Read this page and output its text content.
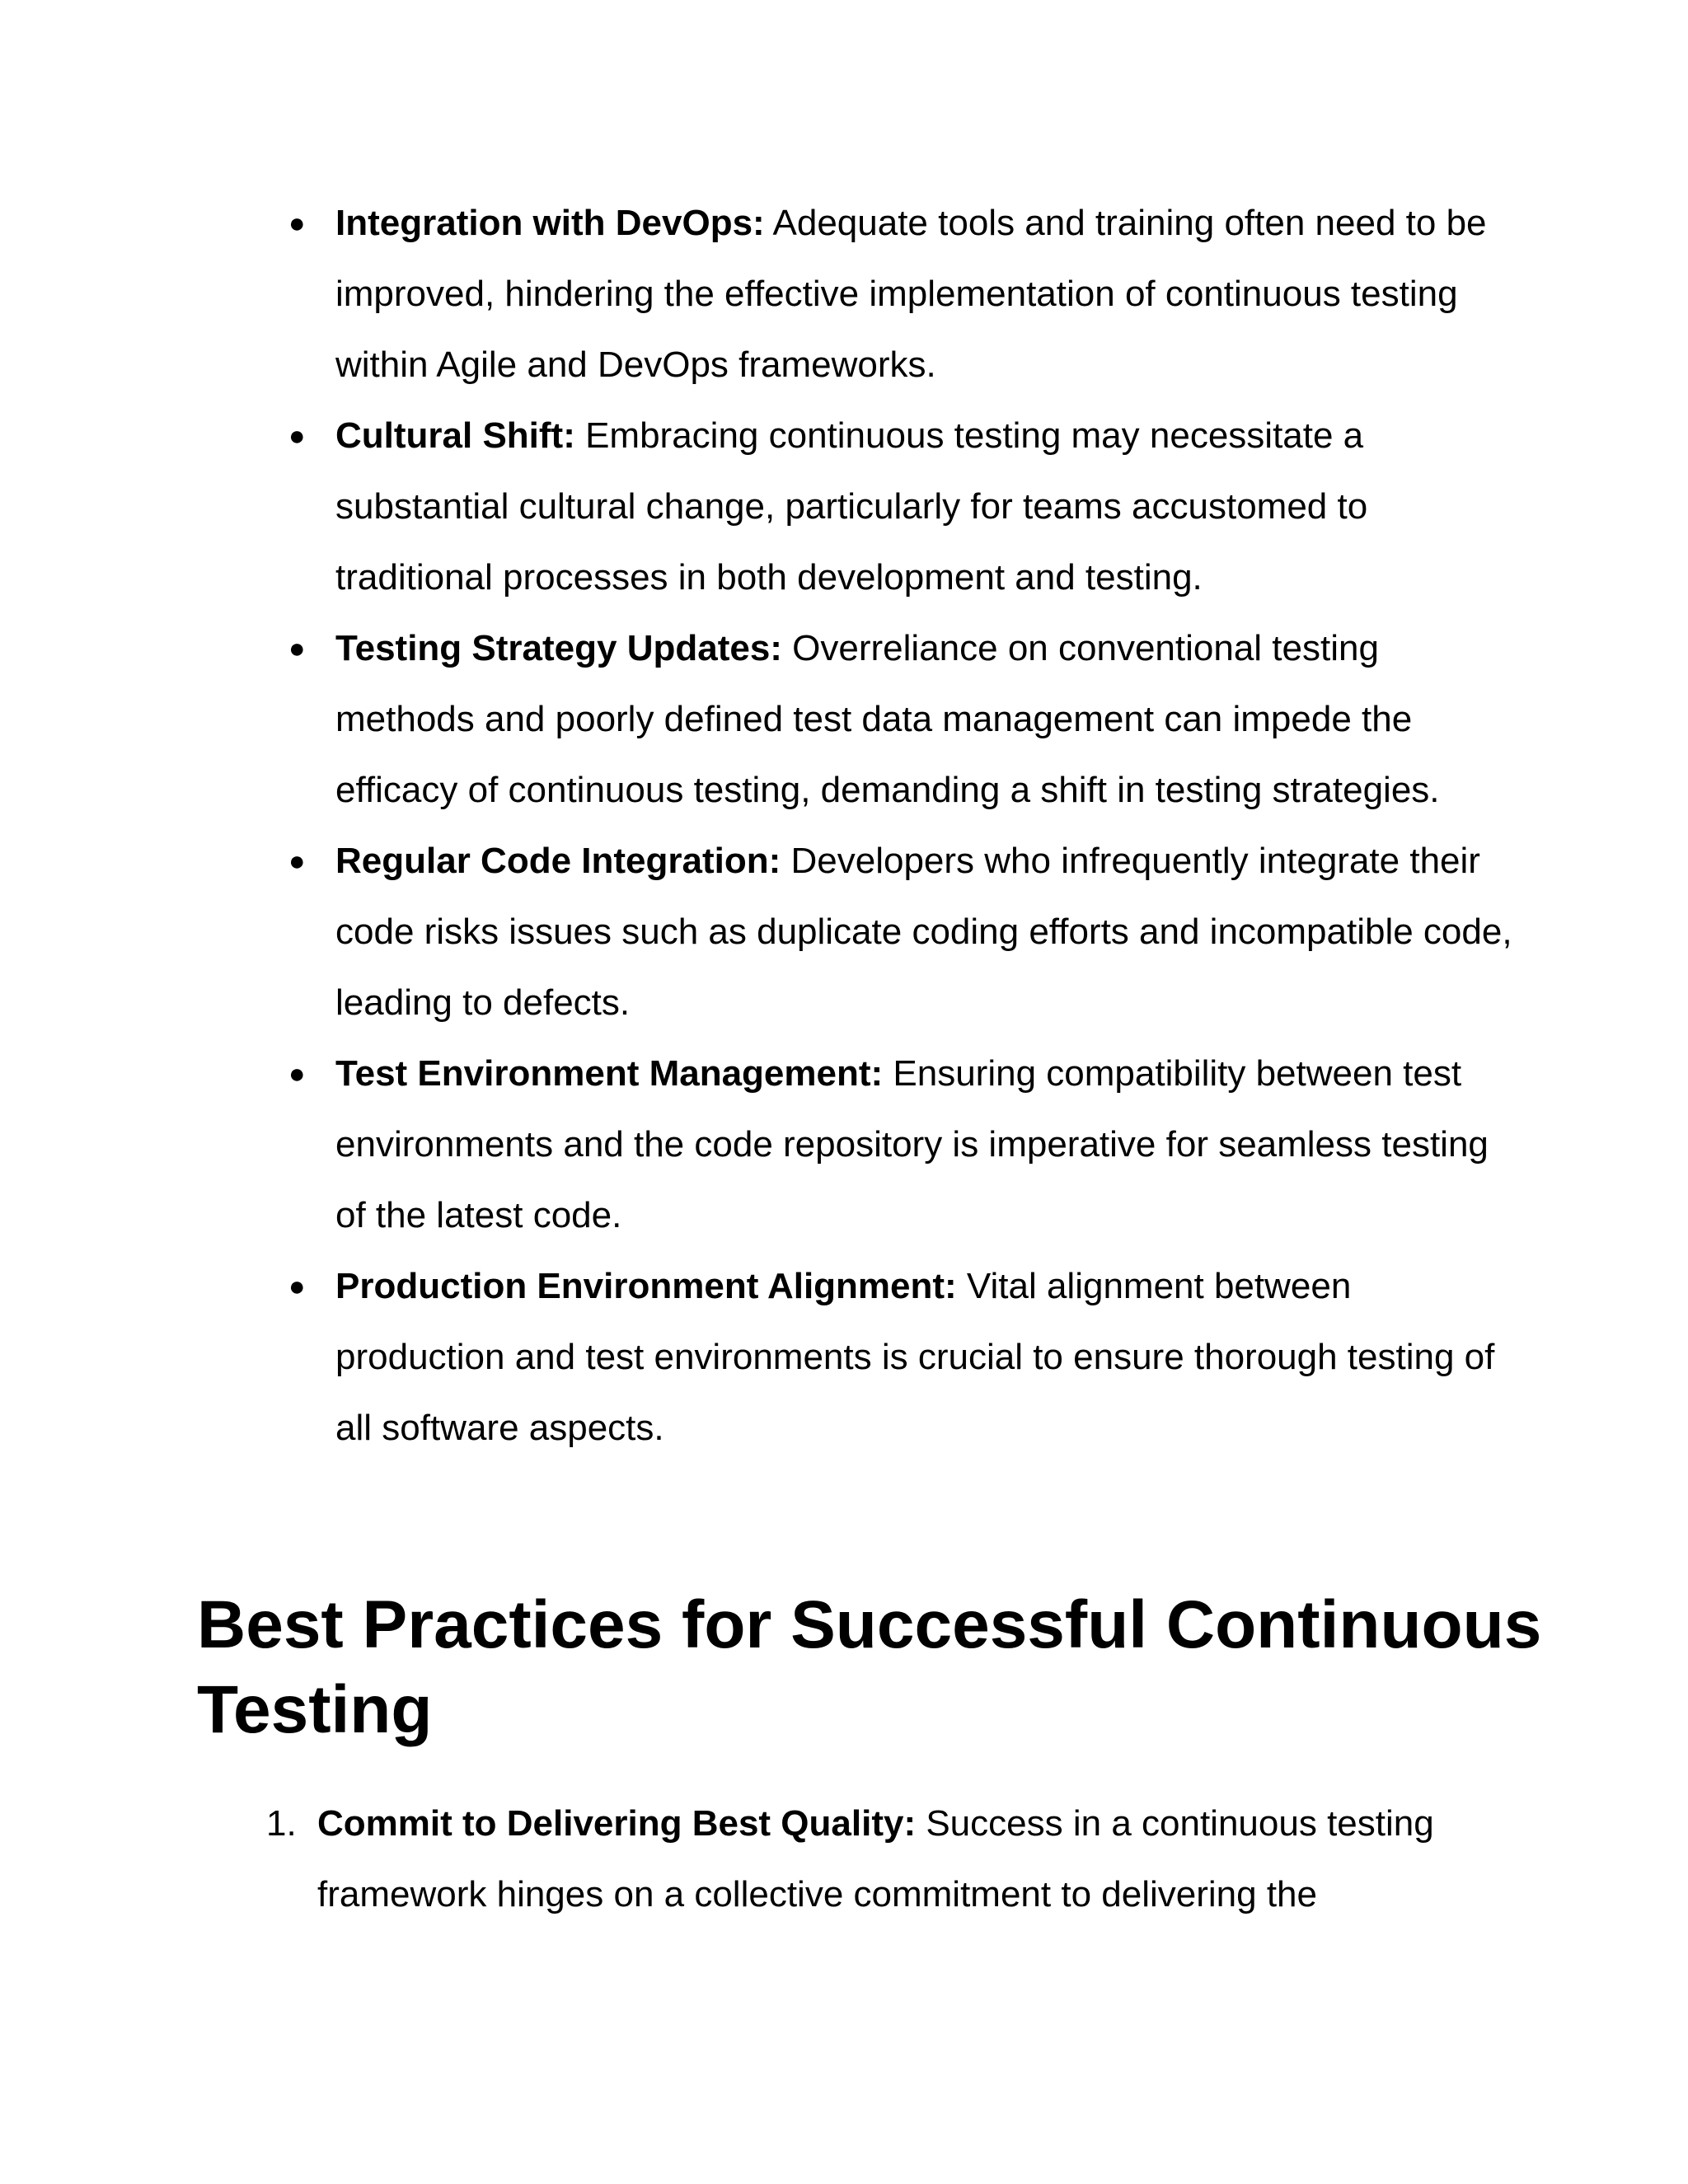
● Integration with DevOps: Adequate tools and training often need to be improved, hindering the effective implementation of continuous testing within Agile and DevOps frameworks.
● Cultural Shift: Embracing continuous testing may necessitate a substantial cultural change, particularly for teams accustomed to traditional processes in both development and testing.
● Testing Strategy Updates: Overreliance on conventional testing methods and poorly defined test data management can impede the efficacy of continuous testing, demanding a shift in testing strategies.
● Regular Code Integration: Developers who infrequently integrate their code risks issues such as duplicate coding efforts and incompatible code, leading to defects.
● Test Environment Management: Ensuring compatibility between test environments and the code repository is imperative for seamless testing of the latest code.
● Production Environment Alignment: Vital alignment between production and test environments is crucial to ensure thorough testing of all software aspects.
Best Practices for Successful Continuous Testing
1. Commit to Delivering Best Quality: Success in a continuous testing framework hinges on a collective commitment to delivering the
